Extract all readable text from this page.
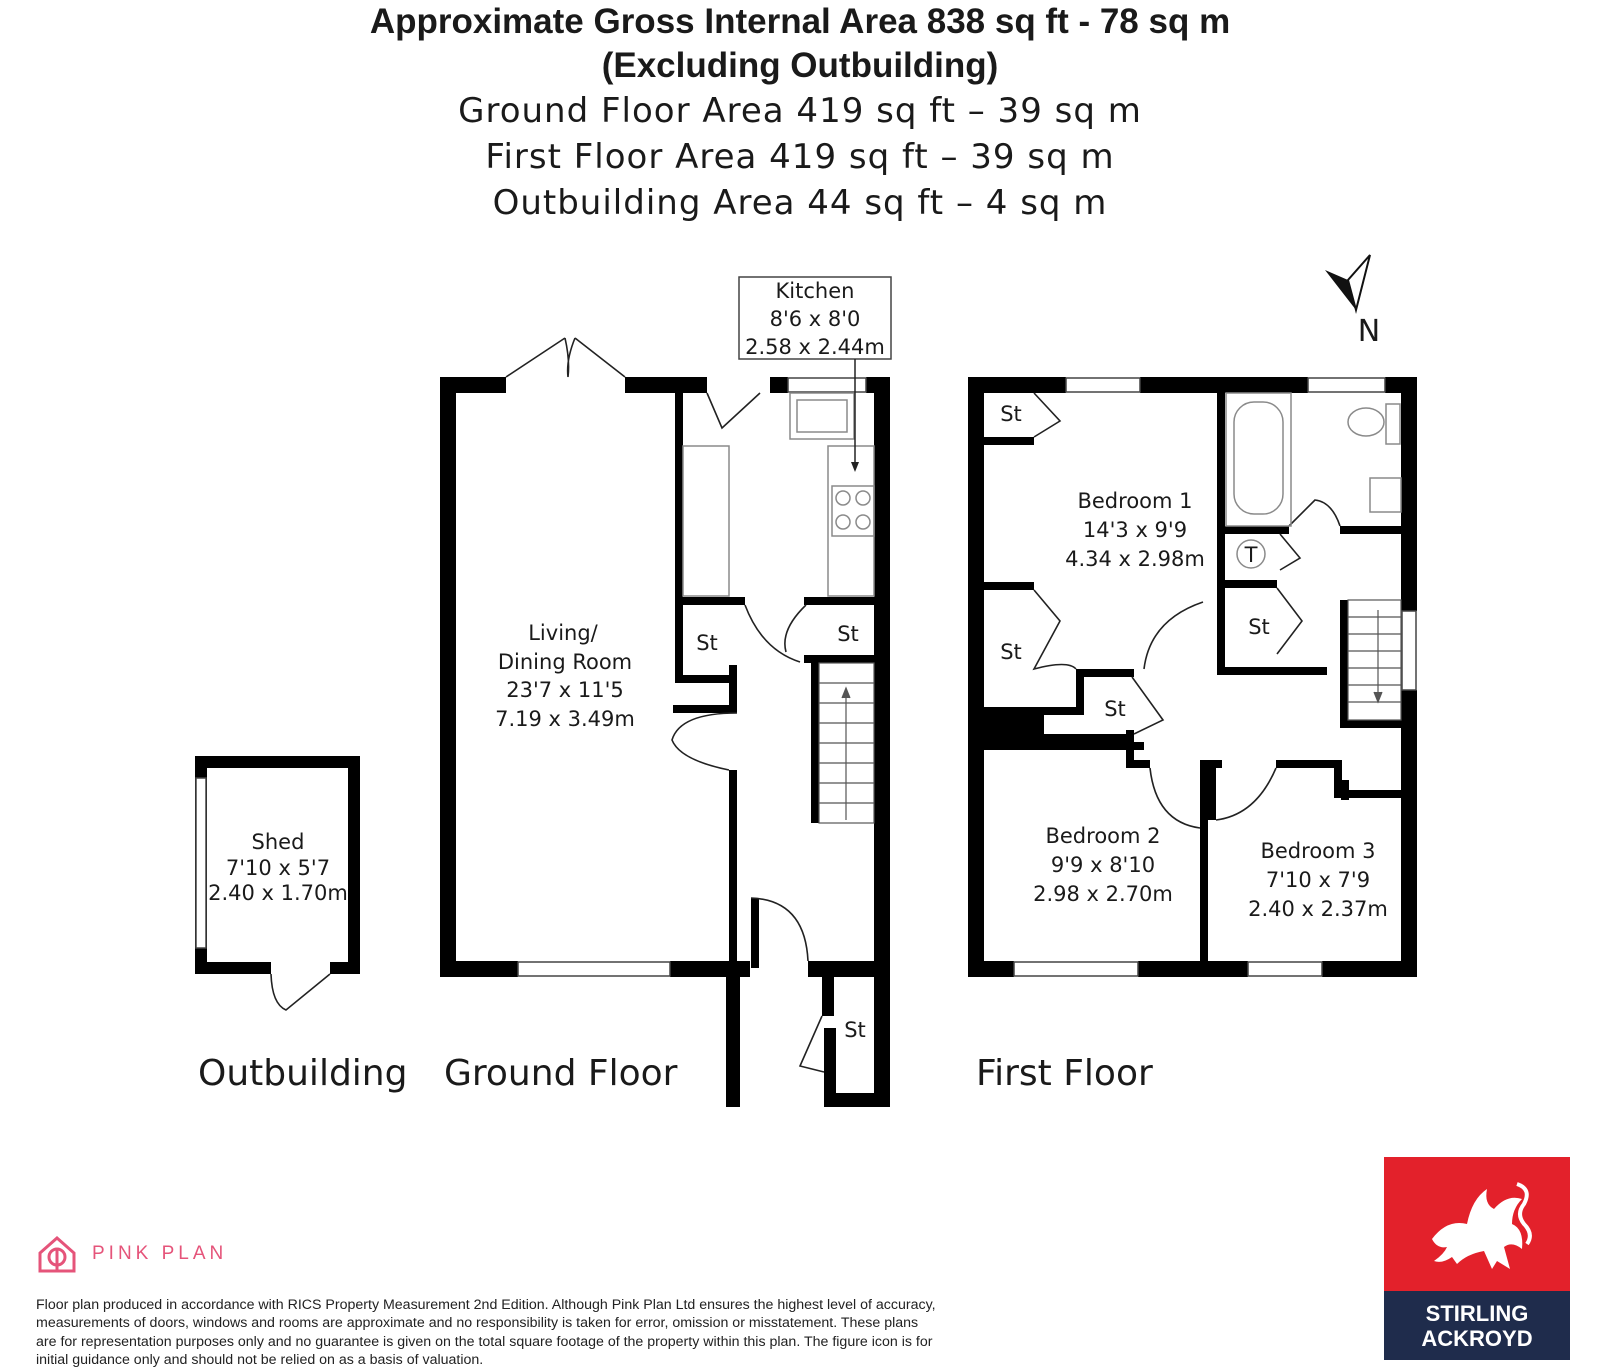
Approximate Gross Internal Area 838 sq ft - 78 sq m
(Excluding Outbuilding)
Ground Floor Area 419 sq ft – 39 sq m
First Floor Area 419 sq ft – 39 sq m
Outbuilding Area 44 sq ft – 4 sq m
N
Kitchen
8'6 x 8'0
2.58 x 2.44m
Living/
Dining Room
23'7 x 11'5
7.19 x 3.49m
Shed
7'10 x 5'7
2.40 x 1.70m
Bedroom 1
14'3 x 9'9
4.34 x 2.98m
Bedroom 2
9'9 x 8'10
2.98 x 2.70m
Bedroom 3
7'10 x 7'9
2.40 x 2.37m
St	St
St
St
St
St
St
T
Outbuilding Ground Floor	First Floor
PINK PLAN
Floor plan produced in accordance with RICS Property Measurement 2nd Edition. Although Pink Plan Ltd ensures the highest level of accuracy, measurements of doors, windows and rooms are approximate and no responsibility is taken for error, omission or misstatement. These plans are for representation purposes only and no guarantee is given on the total square footage of the property within this plan. The figure icon is for initial guidance only and should not be relied on as a basis of valuation.
STIRLING
ACKROYD
